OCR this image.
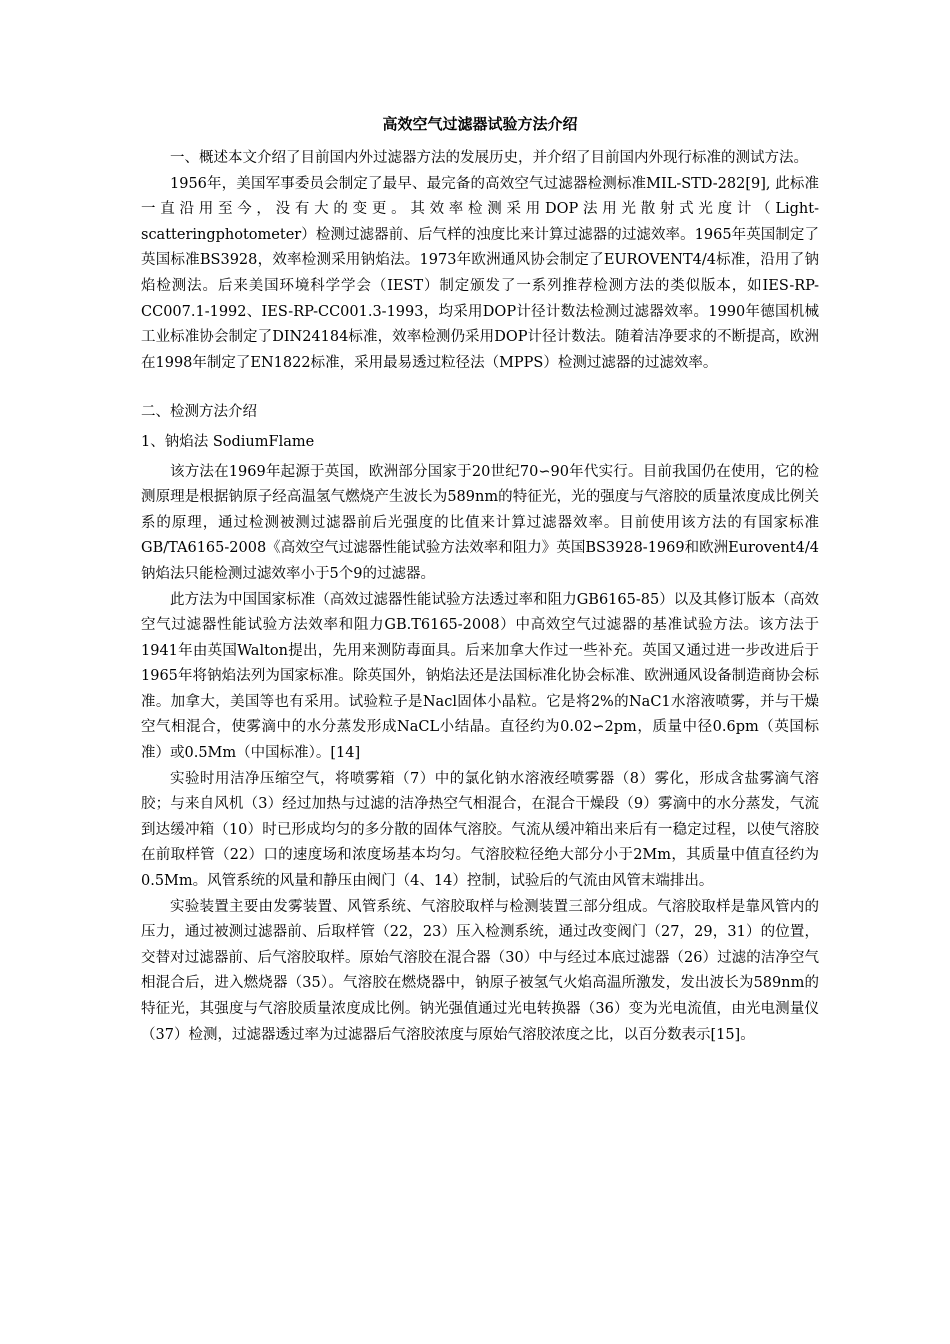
高效空气过滤器试验方法介绍

一、概述本文介绍了目前国内外过滤器方法的发展历史，并介绍了目前国内外现行标准的测试方法。

1956年，美国军事委员会制定了最早、最完备的高效空气过滤器检测标准MIL-STD-282[9], 此标准一直沿用至今，没有大的变更。其效率检测采用DOP法用光散射式光度计（Light-scatteringphotometer）检测过滤器前、后气样的浊度比来计算过滤器的过滤效率。1965年英国制定了英国标准BS3928，效率检测采用钠焰法。1973年欧洲通风协会制定了EUROVENT4/4标准，沿用了钠焰检测法。后来美国环境科学学会（IEST）制定颁发了一系列推荐检测方法的类似版本，如IES-RP-CC007.1-1992、IES-RP-CC001.3-1993，均采用DOP计径计数法检测过滤器效率。1990年德国机械工业标准协会制定了DIN24184标准，效率检测仍采用DOP计径计数法。随着洁净要求的不断提高，欧洲在1998年制定了EN1822标准，采用最易透过粒径法（MPPS）检测过滤器的过滤效率。

二、检测方法介绍

1、钠焰法 SodiumFlame

该方法在1969年起源于英国，欧洲部分国家于20世纪70∽90年代实行。目前我国仍在使用，它的检测原理是根据钠原子经高温氢气燃烧产生波长为589nm的特征光，光的强度与气溶胶的质量浓度成比例关系的原理，通过检测被测过滤器前后光强度的比值来计算过滤器效率。目前使用该方法的有国家标准GB/TA6165-2008《高效空气过滤器性能试验方法效率和阻力》英国BS3928-1969和欧洲Eurovent4/4钠焰法只能检测过滤效率小于5个9的过滤器。

此方法为中国国家标准（高效过滤器性能试验方法透过率和阻力GB6165-85）以及其修订版本（高效空气过滤器性能试验方法效率和阻力GB.T6165-2008）中高效空气过滤器的基准试验方法。该方法于1941年由英国Walton提出，先用来测防毒面具。后来加拿大作过一些补充。英国又通过进一步改进后于1965年将钠焰法列为国家标准。除英国外，钠焰法还是法国标准化协会标准、欧洲通风设备制造商协会标准。加拿大，美国等也有采用。试验粒子是Nacl固体小晶粒。它是将2%的NaC1水溶液喷雾，并与干燥空气相混合，使雾滴中的水分蒸发形成NaCL小结晶。直径约为0.02∽2pm，质量中径0.6pm（英国标准）或0.5Mm（中国标准）。[14]

实验时用洁净压缩空气，将喷雾箱（7）中的氯化钠水溶液经喷雾器（8）雾化，形成含盐雾滴气溶胶；与来自风机（3）经过加热与过滤的洁净热空气相混合，在混合干燥段（9）雾滴中的水分蒸发，气流到达缓冲箱（10）时已形成均匀的多分散的固体气溶胶。气流从缓冲箱出来后有一稳定过程，以使气溶胶在前取样管（22）口的速度场和浓度场基本均匀。气溶胶粒径绝大部分小于2Mm，其质量中值直径约为0.5Mm。风管系统的风量和静压由阀门（4、14）控制，试验后的气流由风管末端排出。

实验装置主要由发雾装置、风管系统、气溶胶取样与检测装置三部分组成。气溶胶取样是靠风管内的压力，通过被测过滤器前、后取样管（22，23）压入检测系统，通过改变阀门（27，29，31）的位置，交替对过滤器前、后气溶胶取样。原始气溶胶在混合器（30）中与经过本底过滤器（26）过滤的洁净空气相混合后，进入燃烧器（35）。气溶胶在燃烧器中，钠原子被氢气火焰高温所激发，发出波长为589nm的特征光，其强度与气溶胶质量浓度成比例。钠光强值通过光电转换器（36）变为光电流值，由光电测量仪（37）检测，过滤器透过率为过滤器后气溶胶浓度与原始气溶胶浓度之比，以百分数表示[15]。
